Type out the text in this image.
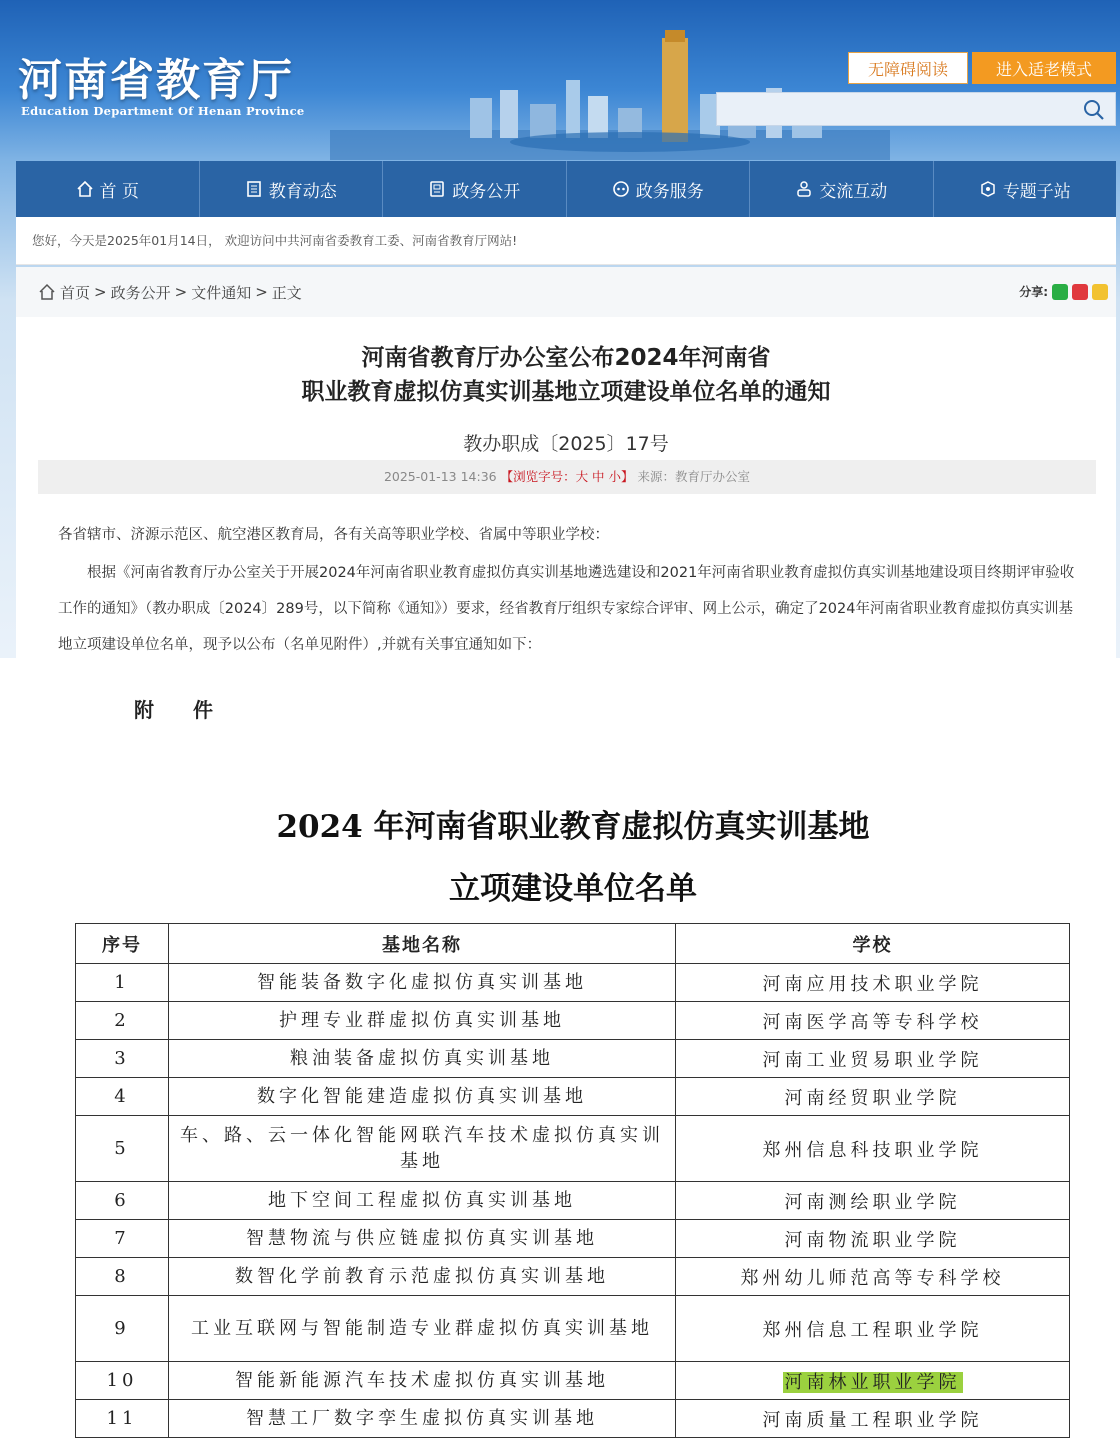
河南省教育厅
Education Department Of Henan Province
无障碍阅读	进入适老模式
首 页	教育动态	政务公开	政务服务	交流互动	专题子站
您好，今天是2025年01月14日， 欢迎访问中共河南省委教育工委、河南省教育厅网站!
首页 > 政务公开 > 文件通知 > 正文	分享:
河南省教育厅办公室公布2024年河南省
职业教育虚拟仿真实训基地立项建设单位名单的通知
教办职成〔2025〕17号
2025-01-13 14:36 【浏览字号：大 中 小】 来源：教育厅办公室
各省辖市、济源示范区、航空港区教育局，各有关高等职业学校、省属中等职业学校：
根据《河南省教育厅办公室关于开展2024年河南省职业教育虚拟仿真实训基地遴选建设和2021年河南省职业教育虚拟仿真实训基地建设项目终期评审验收工作的通知》（教办职成〔2024〕289号，以下简称《通知》）要求，经省教育厅组织专家综合评审、网上公示，确定了2024年河南省职业教育虚拟仿真实训基地立项建设单位名单，现予以公布（名单见附件）,并就有关事宜通知如下：
附 件
2024 年河南省职业教育虚拟仿真实训基地
立项建设单位名单
序号	基地名称	学校
1	智能装备数字化虚拟仿真实训基地	河南应用技术职业学院
2	护理专业群虚拟仿真实训基地	河南医学高等专科学校
3	粮油装备虚拟仿真实训基地	河南工业贸易职业学院
4	数字化智能建造虚拟仿真实训基地	河南经贸职业学院
5	车、路、云一体化智能网联汽车技术虚拟仿真实训基地	郑州信息科技职业学院
6	地下空间工程虚拟仿真实训基地	河南测绘职业学院
7	智慧物流与供应链虚拟仿真实训基地	河南物流职业学院
8	数智化学前教育示范虚拟仿真实训基地	郑州幼儿师范高等专科学校
9	工业互联网与智能制造专业群虚拟仿真实训基地	郑州信息工程职业学院
10	智能新能源汽车技术虚拟仿真实训基地	河南林业职业学院
11	智慧工厂数字孪生虚拟仿真实训基地	河南质量工程职业学院
